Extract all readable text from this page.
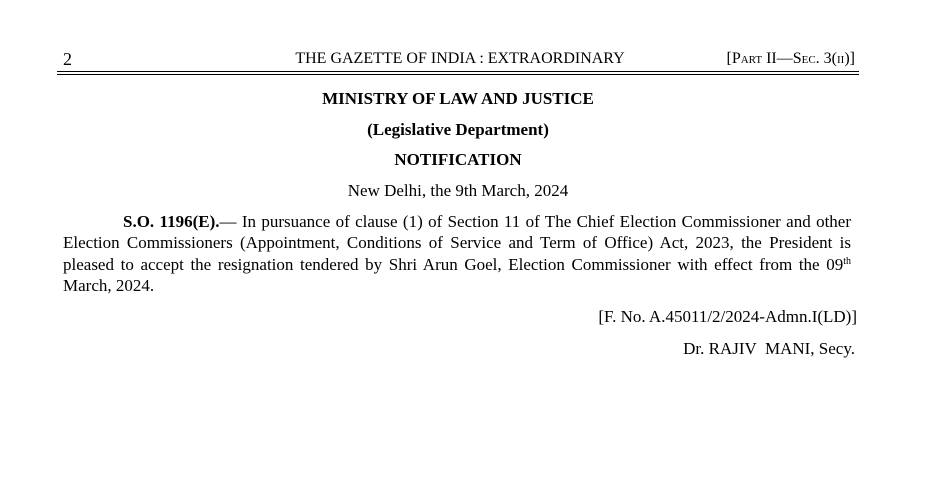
2	THE GAZETTE OF INDIA : EXTRAORDINARY	[Part II—Sec. 3(ii)]
MINISTRY OF LAW AND JUSTICE
(Legislative Department)
NOTIFICATION
New Delhi, the 9th March, 2024
S.O. 1196(E).— In pursuance of clause (1) of Section 11 of The Chief Election Commissioner and other Election Commissioners (Appointment, Conditions of Service and Term of Office) Act, 2023, the President is pleased to accept the resignation tendered by Shri Arun Goel, Election Commissioner with effect from the 09th March, 2024.
[F. No. A.45011/2/2024-Admn.I(LD)]
Dr. RAJIV  MANI, Secy.
